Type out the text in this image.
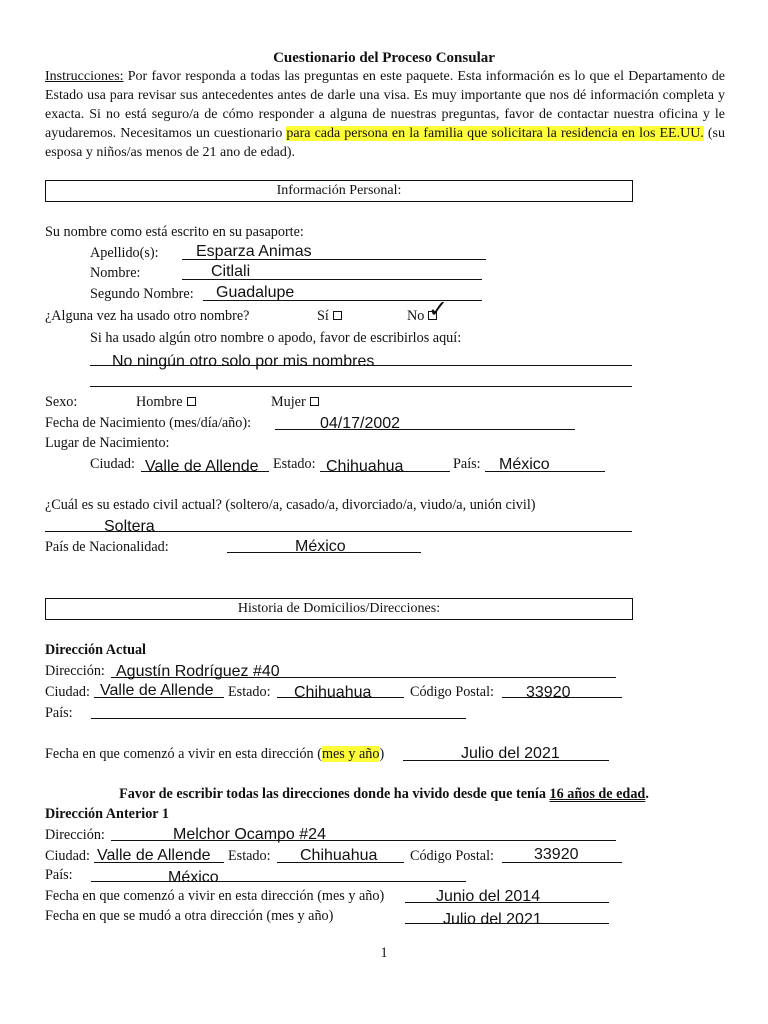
Cuestionario del Proceso Consular
Instrucciones: Por favor responda a todas las preguntas en este paquete. Esta información es lo que el Departamento de Estado usa para revisar sus antecedentes antes de darle una visa. Es muy importante que nos dé información completa y exacta. Si no está seguro/a de cómo responder a alguna de nuestras preguntas, favor de contactar nuestra oficina y le ayudaremos. Necesitamos un cuestionario para cada persona en la familia que solicitara la residencia en los EE.UU. (su esposa y niños/as menos de 21 ano de edad).
Información Personal:
Su nombre como está escrito en su pasaporte:
Apellido(s): Esparza Animas
Nombre:	Citlali
Segundo Nombre: Guadalupe
¿Alguna vez ha usado otro nombre?	Sí	No ✓
Si ha usado algún otro nombre o apodo, favor de escribirlos aquí:
No ningún otro solo por mis nombres
Sexo:	Hombre	Mujer
Fecha de Nacimiento (mes/día/año):	04/17/2002
Lugar de Nacimiento:
Ciudad: Valle de Allende Estado: Chihuahua	País: México
¿Cuál es su estado civil actual? (soltero/a, casado/a, divorciado/a, viudo/a, unión civil)
Soltera
País de Nacionalidad:	México
Historia de Domicilios/Direcciones:
Dirección Actual
Dirección: Agustín Rodríguez #40
Ciudad: Valle de Allende Estado: Chihuahua	Código Postal: 33920
País:
Fecha en que comenzó a vivir en esta dirección (mes y año)	Julio del 2021
Favor de escribir todas las direcciones donde ha vivido desde que tenía 16 años de edad.
Dirección Anterior 1
Dirección:	Melchor Ocampo #24
Ciudad: Valle de Allende Estado: Chihuahua Código Postal:	33920
País:	México
Fecha en que comenzó a vivir en esta dirección (mes y año)	Junio del 2014
Fecha en que se mudó a otra dirección (mes y año)	Julio del 2021
1
